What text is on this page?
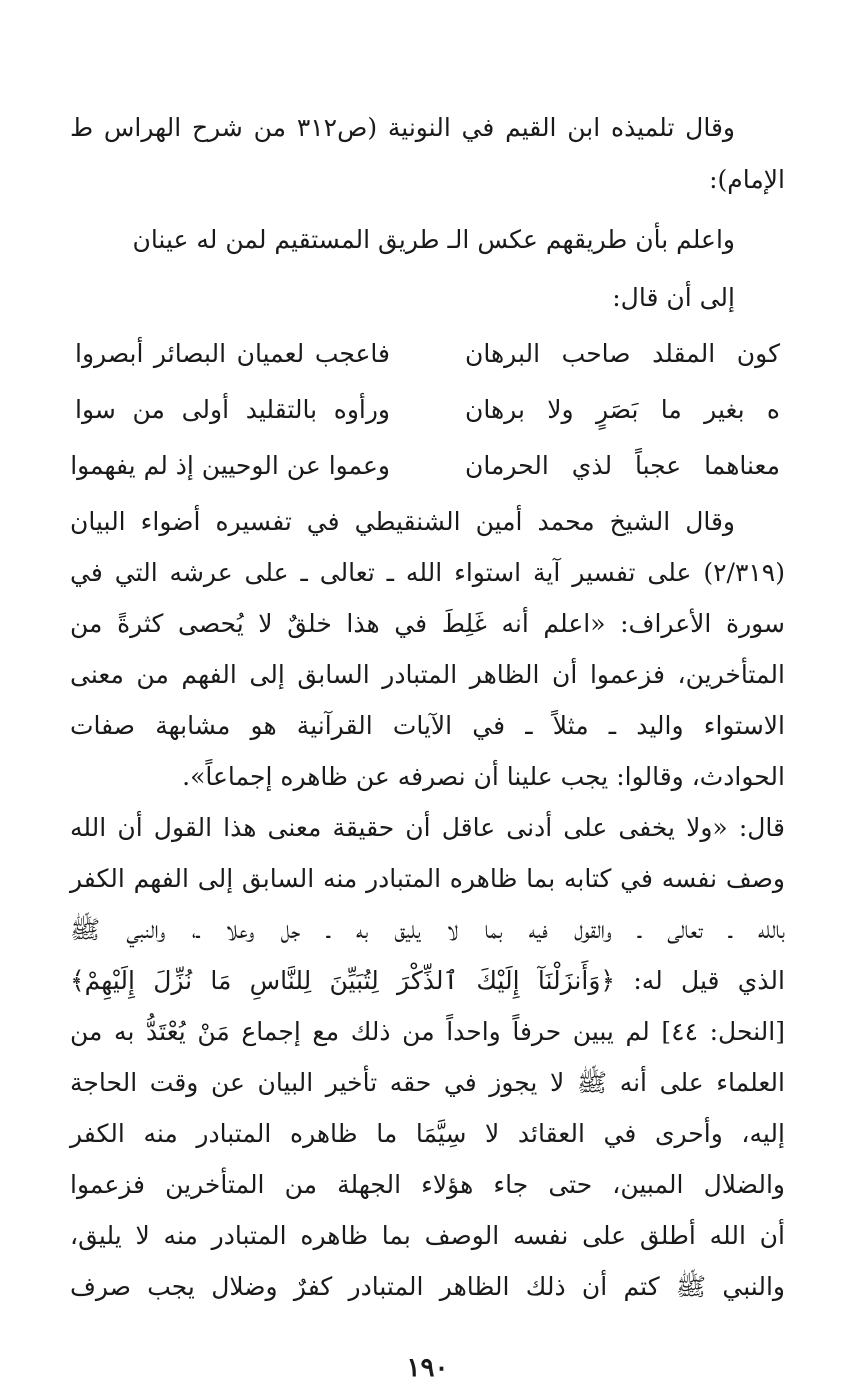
وقال تلميذه ابن القيم في النونية (ص٣١٢ من شرح الهراس ط
الإمام):
واعلم بأن طريقهم عكس الـ طريق المستقيم لمن له عينان
إلى أن قال:
فاعجب لعميان البصائر أبصروا	كون المقلد صاحب البرهان
ورأوه بالتقليد أولى من سوا	ه بغير ما بَصَرٍ ولا برهان
وعموا عن الوحيين إذ لم يفهموا	معناهما عجباً لذي الحرمان
وقال الشيخ محمد أمين الشنقيطي في تفسيره أضواء البيان
(٢/٣١٩) على تفسير آية استواء الله ـ تعالى ـ على عرشه التي في
سورة الأعراف: «اعلم أنه غَلِطَ في هذا خلقٌ لا يُحصى كثرةً من
المتأخرين، فزعموا أن الظاهر المتبادر السابق إلى الفهم من معنى
الاستواء واليد ـ مثلاً ـ في الآيات القرآنية هو مشابهة صفات
الحوادث، وقالوا: يجب علينا أن نصرفه عن ظاهره إجماعاً».
قال: «ولا يخفى على أدنى عاقل أن حقيقة معنى هذا القول أن الله
وصف نفسه في كتابه بما ظاهره المتبادر منه السابق إلى الفهم الكفر
بالله ـ تعالى ـ والقول فيه بما لا يليق به ـ جل وعلا ـ، والنبي ﷺ
الذي قيل له: ﴿وَأَنزَلْنَآ إِلَيْكَ ٱلذِّكْرَ لِتُبَيِّنَ لِلنَّاسِ مَا نُزِّلَ إِلَيْهِمْ﴾
[النحل: ٤٤] لم يبين حرفاً واحداً من ذلك مع إجماع مَنْ يُعْتَدُّ به من
العلماء على أنه ﷺ لا يجوز في حقه تأخير البيان عن وقت الحاجة
إليه، وأحرى في العقائد لا سِيَّمَا ما ظاهره المتبادر منه الكفر
والضلال المبين، حتى جاء هؤلاء الجهلة من المتأخرين فزعموا
أن الله أطلق على نفسه الوصف بما ظاهره المتبادر منه لا يليق،
والنبي ﷺ كتم أن ذلك الظاهر المتبادر كفرٌ وضلال يجب صرف
١٩٠
